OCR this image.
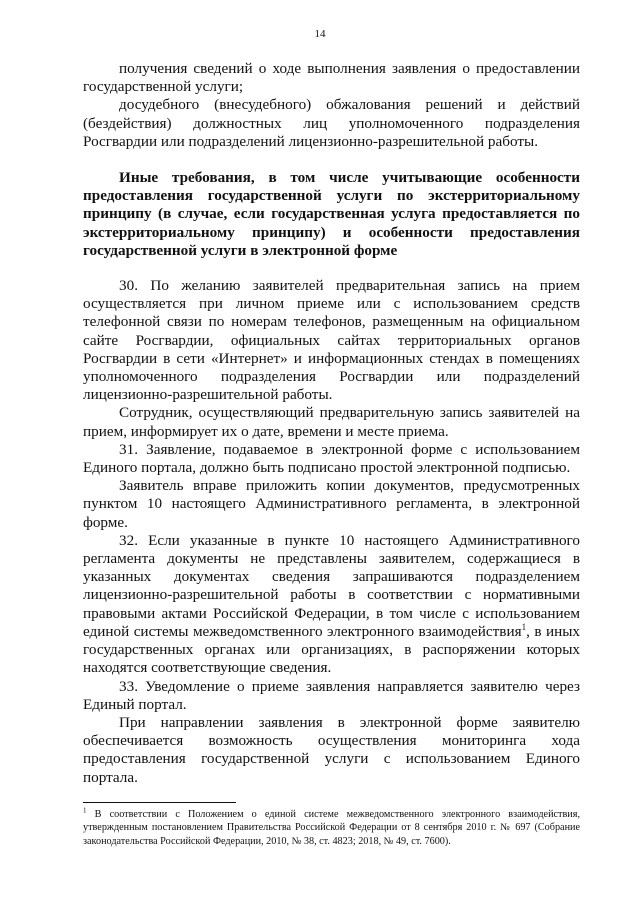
14

получения сведений о ходе выполнения заявления о предоставлении государственной услуги;

досудебного (внесудебного) обжалования решений и действий (бездействия) должностных лиц уполномоченного подразделения Росгвардии или подразделений лицензионно-разрешительной работы.

Иные требования, в том числе учитывающие особенности предоставления государственной услуги по экстерриториальному принципу (в случае, если государственная услуга предоставляется по экстерриториальному принципу) и особенности предоставления государственной услуги в электронной форме

30. По желанию заявителей предварительная запись на прием осуществляется при личном приеме или с использованием средств телефонной связи по номерам телефонов, размещенным на официальном сайте Росгвардии, официальных сайтах территориальных органов Росгвардии в сети «Интернет» и информационных стендах в помещениях уполномоченного подразделения Росгвардии или подразделений лицензионно-разрешительной работы.

Сотрудник, осуществляющий предварительную запись заявителей на прием, информирует их о дате, времени и месте приема.

31. Заявление, подаваемое в электронной форме с использованием Единого портала, должно быть подписано простой электронной подписью.

Заявитель вправе приложить копии документов, предусмотренных пунктом 10 настоящего Административного регламента, в электронной форме.

32. Если указанные в пункте 10 настоящего Административного регламента документы не представлены заявителем, содержащиеся в указанных документах сведения запрашиваются подразделением лицензионно-разрешительной работы в соответствии с нормативными правовыми актами Российской Федерации, в том числе с использованием единой системы межведомственного электронного взаимодействия$^1$, в иных государственных органах или организациях, в распоряжении которых находятся соответствующие сведения.

33. Уведомление о приеме заявления направляется заявителю через Единый портал.

При направлении заявления в электронной форме заявителю обеспечивается возможность осуществления мониторинга хода предоставления государственной услуги с использованием Единого портала.

$^1$ В соответствии с Положением о единой системе межведомственного электронного взаимодействия, утвержденным постановлением Правительства Российской Федерации от 8 сентября 2010 г. № 697 (Собрание законодательства Российской Федерации, 2010, № 38, ст. 4823; 2018, № 49, ст. 7600).
